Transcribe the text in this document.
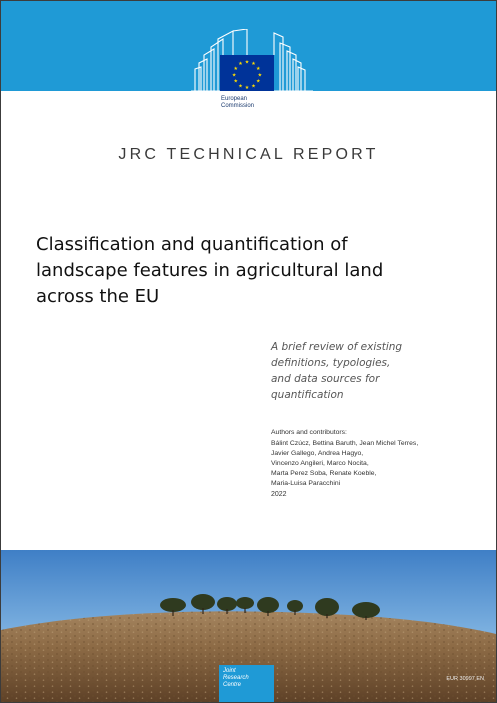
★ ★
★
★
★
★
★
★
★
★
★
★
European
Commission
JRC TECHNICAL REPORT
Classification and quantification of
landscape features in agricultural land
across the EU
A brief review of existing
definitions, typologies,
and data sources for
quantification
Authors and contributors:
Bálint Czúcz, Bettina Baruth, Jean Michel Terres,
Javier Gallego, Andrea Hagyo,
Vincenzo Angileri, Marco Nocita,
Marta Perez Soba, Renate Koeble,
Maria-Luisa Paracchini
2022
Joint
Research
Centre
EUR 30997 EN
